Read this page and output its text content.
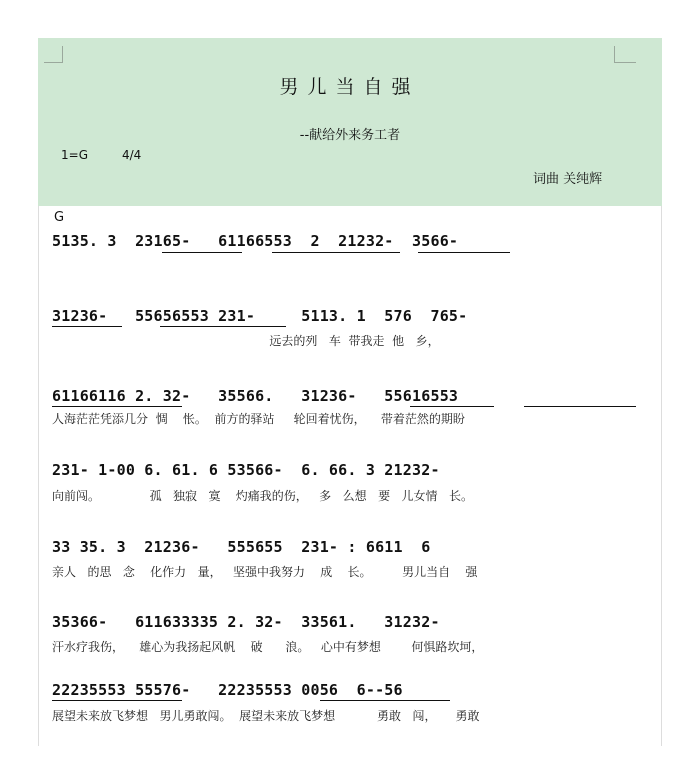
男儿当自强
--献给外来务工者
1=G	4/4
词曲 关纯辉
G
5135. 3  23165-   61166553  2  21232-  3566-
31236-   55656553 231-     5113. 1  576  765-
远去的列   车  带我走  他   乡，
61166116 2. 32-   35566.   31236-   55616553
人海茫茫凭添几分  惆    怅。  前方的驿站     轮回着忧伤，    带着茫然的期盼
231- 1-00 6. 61. 6 53566-  6. 66. 3 21232-
向前闯。             孤   独寂   寞    灼痛我的伤，   多   么想   要   儿女情   长。
33 35. 3  21236-   555655  231- : 6611  6
亲人   的思   念    化作力   量，   坚强中我努力    成    长。        男儿当自    强
35366-   611633335 2. 32-  33561.   31232-
汗水疗我伤，    雄心为我扬起风帆    破      浪。   心中有梦想        何惧路坎坷，
22235553 55576-   22235553 0056  6--56
展望未来放飞梦想   男儿勇敢闯。  展望未来放飞梦想           勇敢   闯，     勇敢
